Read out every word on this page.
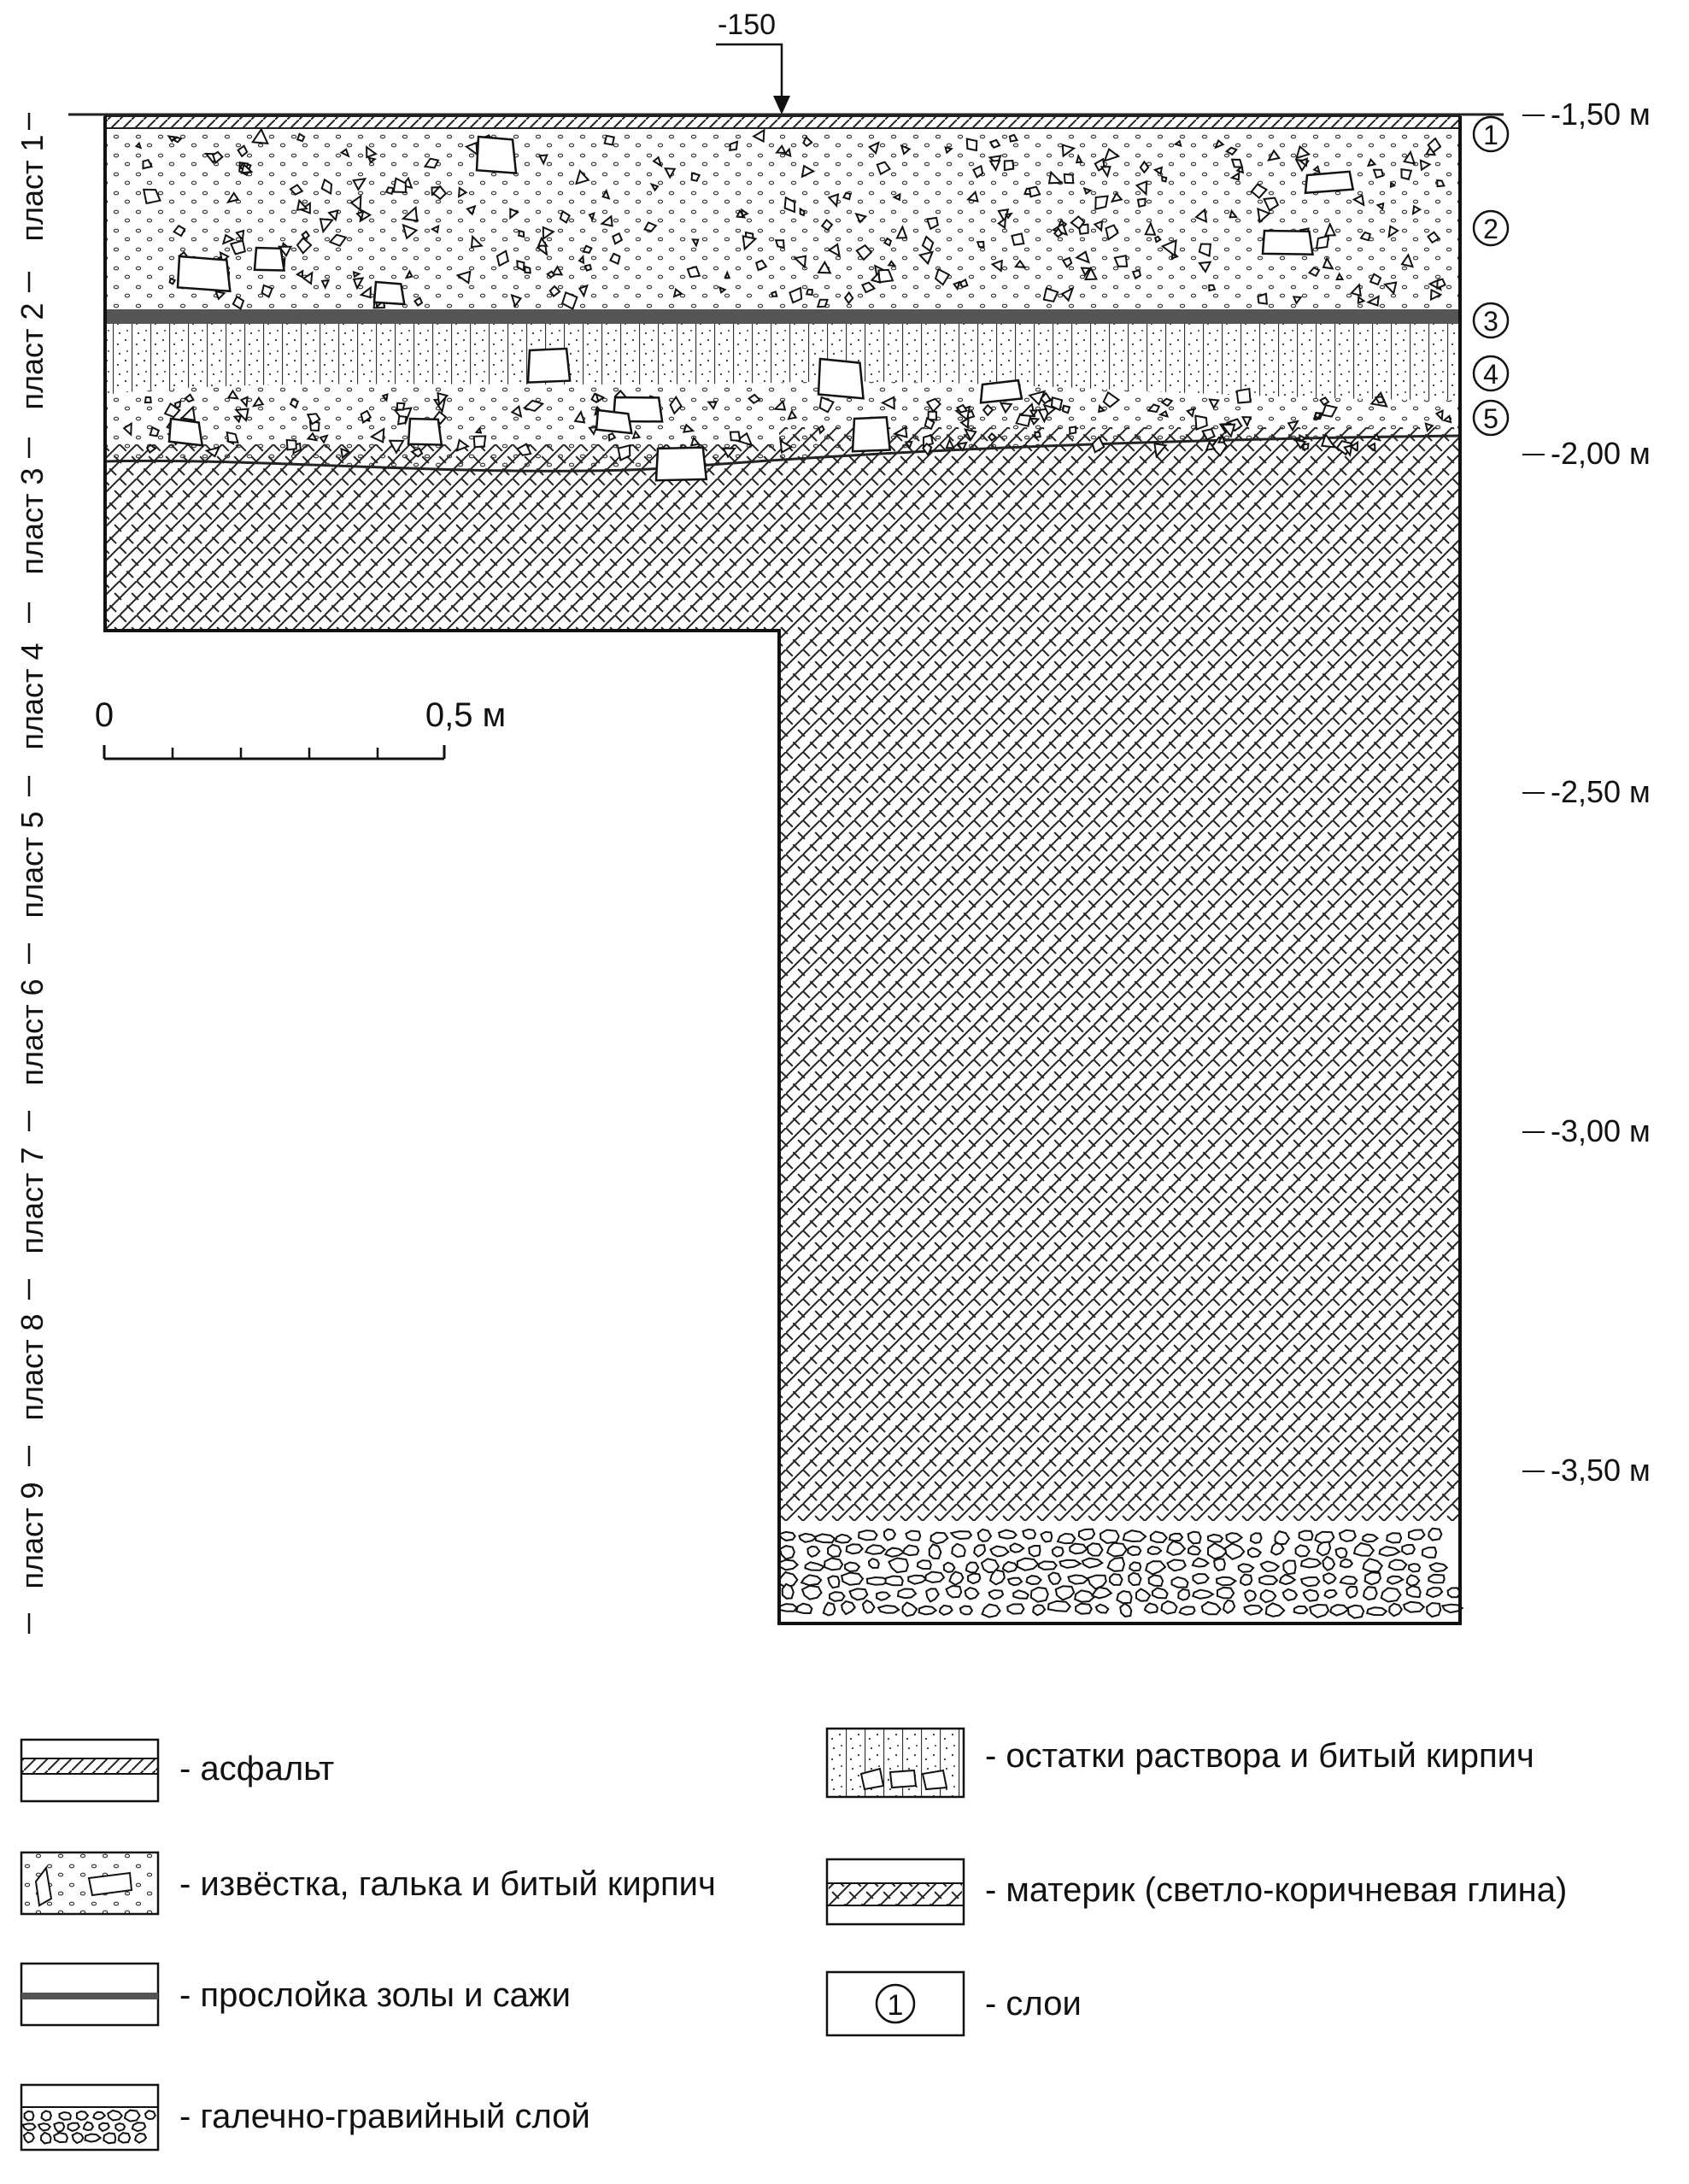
-150
1
2
3
4
5
-1,50 м
-2,00 м
-2,50 м
-3,00 м
-3,50 м
пласт 1
пласт 2
пласт 3
пласт 4
пласт 5
пласт 6
пласт 7
пласт 8
пласт 9
0	0,5 м
- асфальт
- извёстка, галька и битый кирпич
- прослойка золы и сажи
- галечно-гравийный слой
- остатки раствора и битый кирпич
- материк (светло-коричневая глина)
1 - слои
